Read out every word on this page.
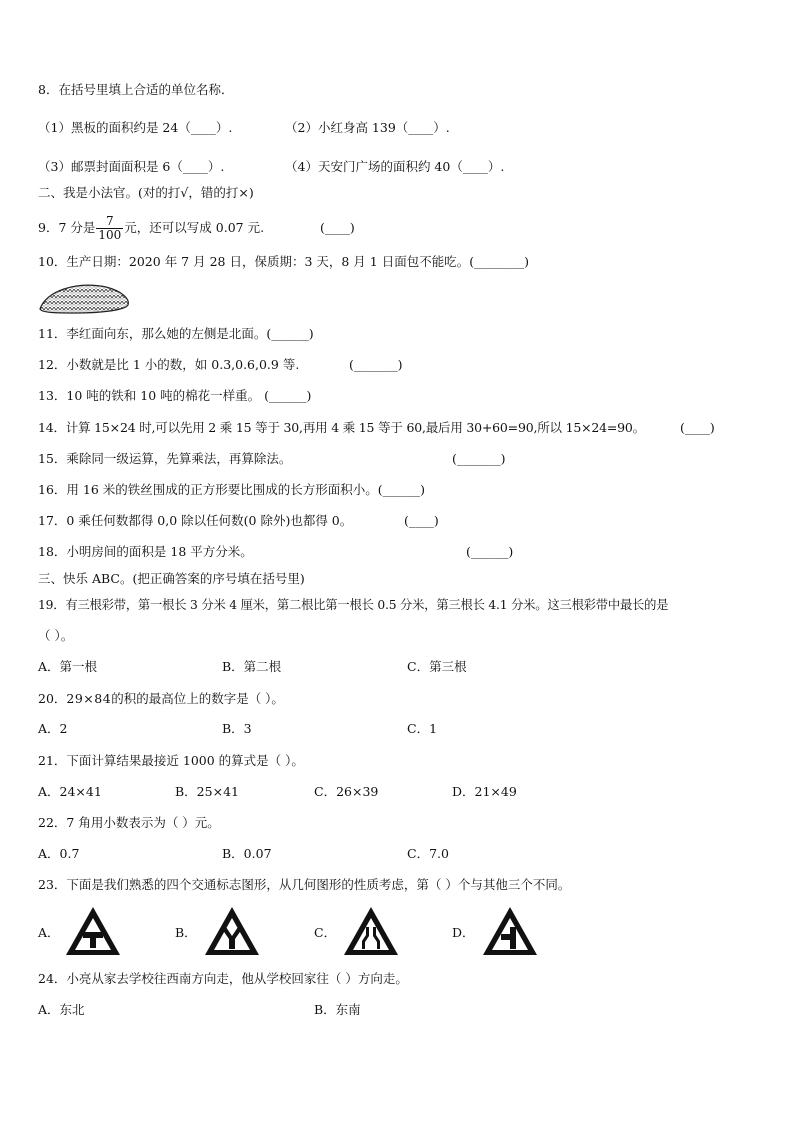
8．在括号里填上合适的单位名称．
（1）黑板的面积约是 24（____）.	（2）小红身高 139（____）.
（3）邮票封面面积是 6（____）.	（4）天安门广场的面积约 40（____）.
二、我是小法官。(对的打√，错的打×)
9．7 分是 $\frac{7}{100}$ 元，还可以写成 0.07 元.	(____)
10．生产日期：2020 年 7 月 28 日，保质期：3 天，8 月 1 日面包不能吃。(________)
11．李红面向东，那么她的左侧是北面。(______)
12．小数就是比 1 小的数，如 0.3,0.6,0.9 等.	(_______)
13．10 吨的铁和 10 吨的棉花一样重。 (______)
14．计算 15×24 时,可以先用 2 乘 15 等于 30,再用 4 乘 15 等于 60,最后用 30+60=90,所以 15×24=90。	(____)
15．乘除同一级运算，先算乘法，再算除法。	(_______)
16．用 16 米的铁丝围成的正方形要比围成的长方形面积小。(______)
17．0 乘任何数都得 0,0 除以任何数(0 除外)也都得 0。	(____)
18．小明房间的面积是 18 平方分米。	(______)
三、快乐 ABC。(把正确答案的序号填在括号里)
19．有三根彩带，第一根长 3 分米 4 厘米，第二根比第一根长 0.5 分米，第三根长 4.1 分米。这三根彩带中最长的是
（ ）。
A．第一根	B．第二根	C．第三根
20．29×84的积的最高位上的数字是（ ）。
A．2	B．3	C．1
21．下面计算结果最接近 1000 的算式是（ ）。
A．24×41	B．25×41	C．26×39	D．21×49
22．7 角用小数表示为（ ）元。
A．0.7	B．0.07	C．7.0
23．下面是我们熟悉的四个交通标志图形，从几何图形的性质考虑，第（ ）个与其他三个不同。
A．	B．	C．	D．
24．小亮从家去学校往西南方向走，他从学校回家往（ ）方向走。
A．东北	B．东南
